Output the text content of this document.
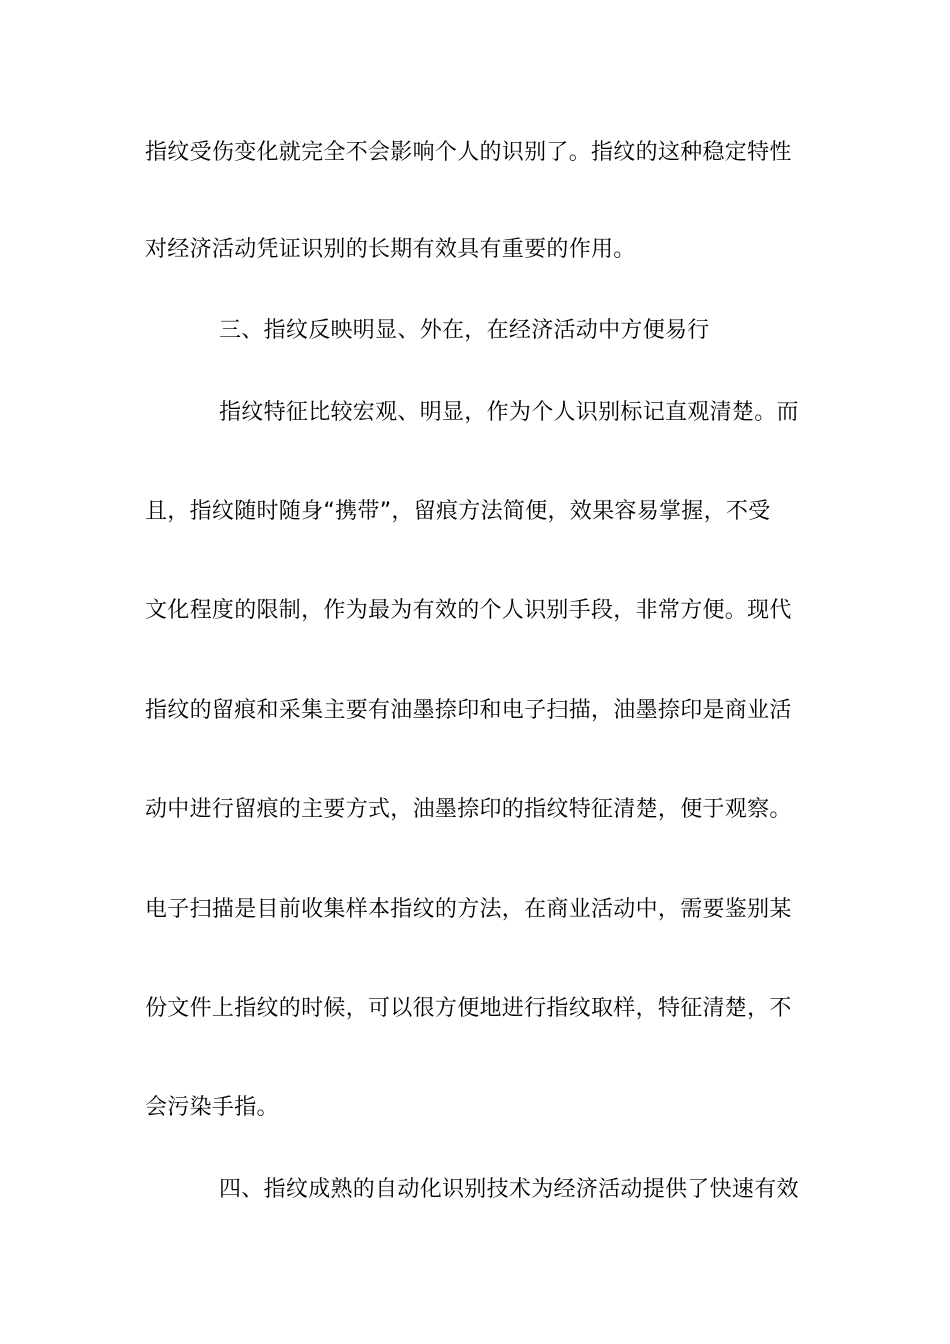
指纹受伤变化就完全不会影响个人的识别了。指纹的这种稳定特性
对经济活动凭证识别的长期有效具有重要的作用。
三、指纹反映明显、外在，在经济活动中方便易行
指纹特征比较宏观、明显，作为个人识别标记直观清楚。而
且，指纹随时随身“携带”，留痕方法简便，效果容易掌握，不受
文化程度的限制，作为最为有效的个人识别手段，非常方便。现代
指纹的留痕和采集主要有油墨捺印和电子扫描，油墨捺印是商业活
动中进行留痕的主要方式，油墨捺印的指纹特征清楚，便于观察。
电子扫描是目前收集样本指纹的方法，在商业活动中，需要鉴别某
份文件上指纹的时候，可以很方便地进行指纹取样，特征清楚，不
会污染手指。
四、指纹成熟的自动化识别技术为经济活动提供了快速有效
